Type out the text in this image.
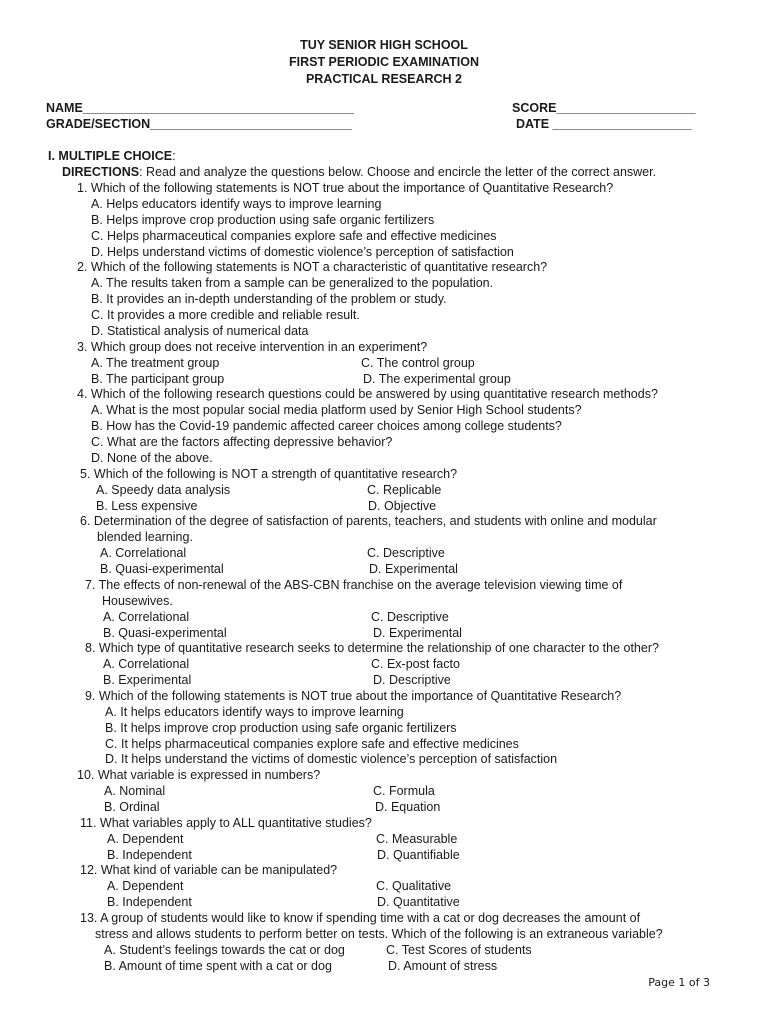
TUY SENIOR HIGH SCHOOL
FIRST PERIODIC EXAMINATION
PRACTICAL RESEARCH 2
NAME_______________________________________	SCORE____________________
GRADE/SECTION_____________________________	DATE ____________________
I. MULTIPLE CHOICE:
DIRECTIONS: Read and analyze the questions below. Choose and encircle the letter of the correct answer.
1. Which of the following statements is NOT true about the importance of Quantitative Research?
A. Helps educators identify ways to improve learning
B. Helps improve crop production using safe organic fertilizers
C. Helps pharmaceutical companies explore safe and effective medicines
D. Helps understand victims of domestic violence’s perception of satisfaction
2. Which of the following statements is NOT a characteristic of quantitative research?
A. The results taken from a sample can be generalized to the population.
B. It provides an in-depth understanding of the problem or study.
C. It provides a more credible and reliable result.
D. Statistical analysis of numerical data
3. Which group does not receive intervention in an experiment?
A. The treatment group	C. The control group
B. The participant group	D. The experimental group
4. Which of the following research questions could be answered by using quantitative research methods?
A. What is the most popular social media platform used by Senior High School students?
B. How has the Covid-19 pandemic affected career choices among college students?
C. What are the factors affecting depressive behavior?
D. None of the above.
5. Which of the following is NOT a strength of quantitative research?
A. Speedy data analysis	C. Replicable
B. Less expensive	D. Objective
6. Determination of the degree of satisfaction of parents, teachers, and students with online and modular
blended learning.
A. Correlational	C. Descriptive
B. Quasi-experimental	D. Experimental
7. The effects of non-renewal of the ABS-CBN franchise on the average television viewing time of
Housewives.
A. Correlational	C. Descriptive
B. Quasi-experimental	D. Experimental
8. Which type of quantitative research seeks to determine the relationship of one character to the other?
A. Correlational	C. Ex-post facto
B. Experimental	D. Descriptive
9. Which of the following statements is NOT true about the importance of Quantitative Research?
A. It helps educators identify ways to improve learning
B. It helps improve crop production using safe organic fertilizers
C. It helps pharmaceutical companies explore safe and effective medicines
D. It helps understand the victims of domestic violence’s perception of satisfaction
10. What variable is expressed in numbers?
A. Nominal	C. Formula
B. Ordinal	D. Equation
11. What variables apply to ALL quantitative studies?
A. Dependent	C. Measurable
B. Independent	D. Quantifiable
12. What kind of variable can be manipulated?
A. Dependent	C. Qualitative
B. Independent	D. Quantitative
13. A group of students would like to know if spending time with a cat or dog decreases the amount of
stress and allows students to perform better on tests. Which of the following is an extraneous variable?
A. Student’s feelings towards the cat or dog	C. Test Scores of students
B. Amount of time spent with a cat or dog	D. Amount of stress
Page 1 of 3
